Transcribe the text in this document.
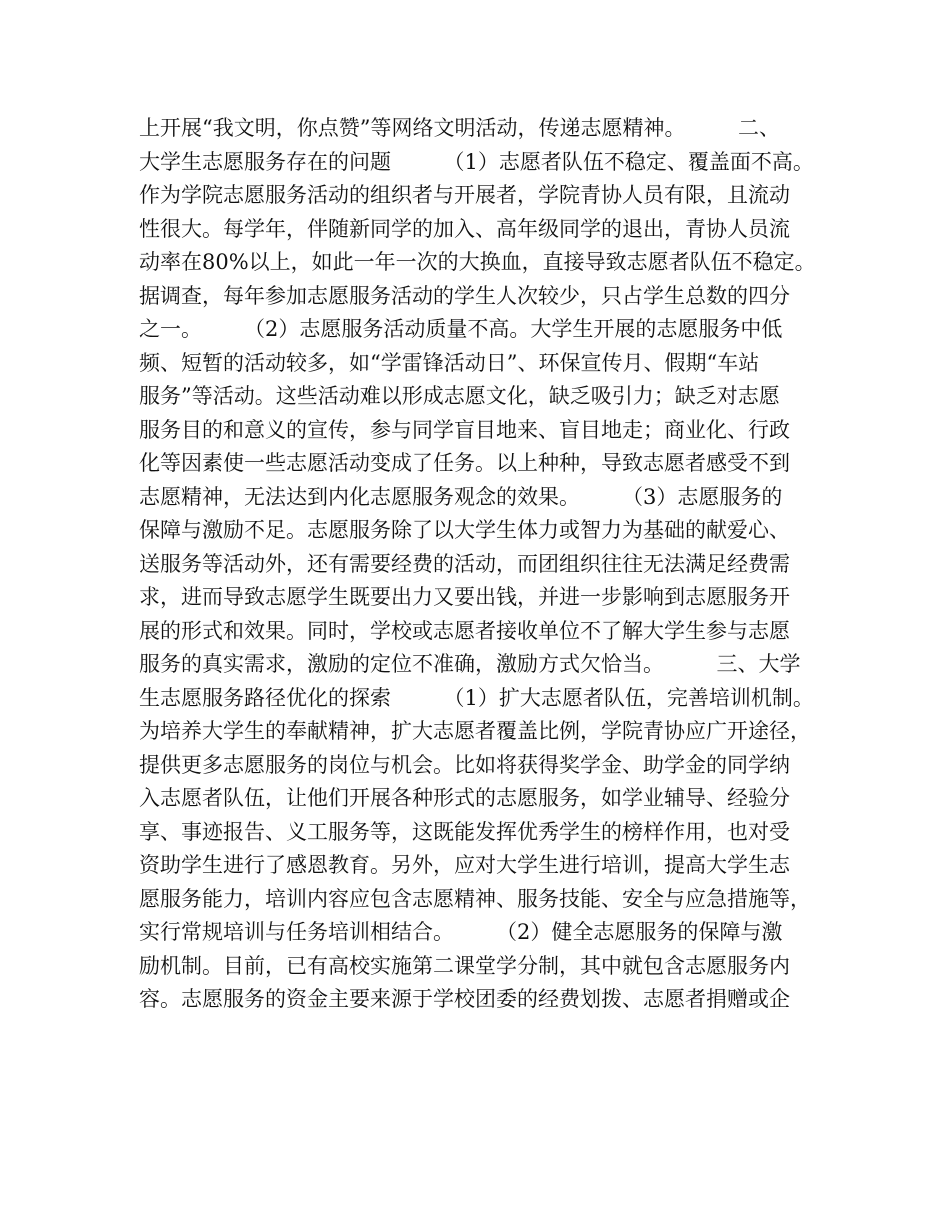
上开展“我文明，你点赞”等网络文明活动，传递志愿精神。　　　二、
大学生志愿服务存在的问题　　　（1）志愿者队伍不稳定、覆盖面不高。
作为学院志愿服务活动的组织者与开展者，学院青协人员有限，且流动
性很大。每学年，伴随新同学的加入、高年级同学的退出，青协人员流
动率在80%以上，如此一年一次的大换血，直接导致志愿者队伍不稳定。
据调查，每年参加志愿服务活动的学生人次较少，只占学生总数的四分
之一。　　　（2）志愿服务活动质量不高。大学生开展的志愿服务中低
频、短暂的活动较多，如“学雷锋活动日”、环保宣传月、假期“车站
服务”等活动。这些活动难以形成志愿文化，缺乏吸引力；缺乏对志愿
服务目的和意义的宣传，参与同学盲目地来、盲目地走；商业化、行政
化等因素使一些志愿活动变成了任务。以上种种，导致志愿者感受不到
志愿精神，无法达到内化志愿服务观念的效果。　　　（3）志愿服务的
保障与激励不足。志愿服务除了以大学生体力或智力为基础的献爱心、
送服务等活动外，还有需要经费的活动，而团组织往往无法满足经费需
求，进而导致志愿学生既要出力又要出钱，并进一步影响到志愿服务开
展的形式和效果。同时，学校或志愿者接收单位不了解大学生参与志愿
服务的真实需求，激励的定位不准确，激励方式欠恰当。　　　三、大学
生志愿服务路径优化的探索　　　（1）扩大志愿者队伍，完善培训机制。
为培养大学生的奉献精神，扩大志愿者覆盖比例，学院青协应广开途径，
提供更多志愿服务的岗位与机会。比如将获得奖学金、助学金的同学纳
入志愿者队伍，让他们开展各种形式的志愿服务，如学业辅导、经验分
享、事迹报告、义工服务等，这既能发挥优秀学生的榜样作用，也对受
资助学生进行了感恩教育。另外，应对大学生进行培训，提高大学生志
愿服务能力，培训内容应包含志愿精神、服务技能、安全与应急措施等，
实行常规培训与任务培训相结合。　　　（2）健全志愿服务的保障与激
励机制。目前，已有高校实施第二课堂学分制，其中就包含志愿服务内
容。志愿服务的资金主要来源于学校团委的经费划拨、志愿者捐赠或企
